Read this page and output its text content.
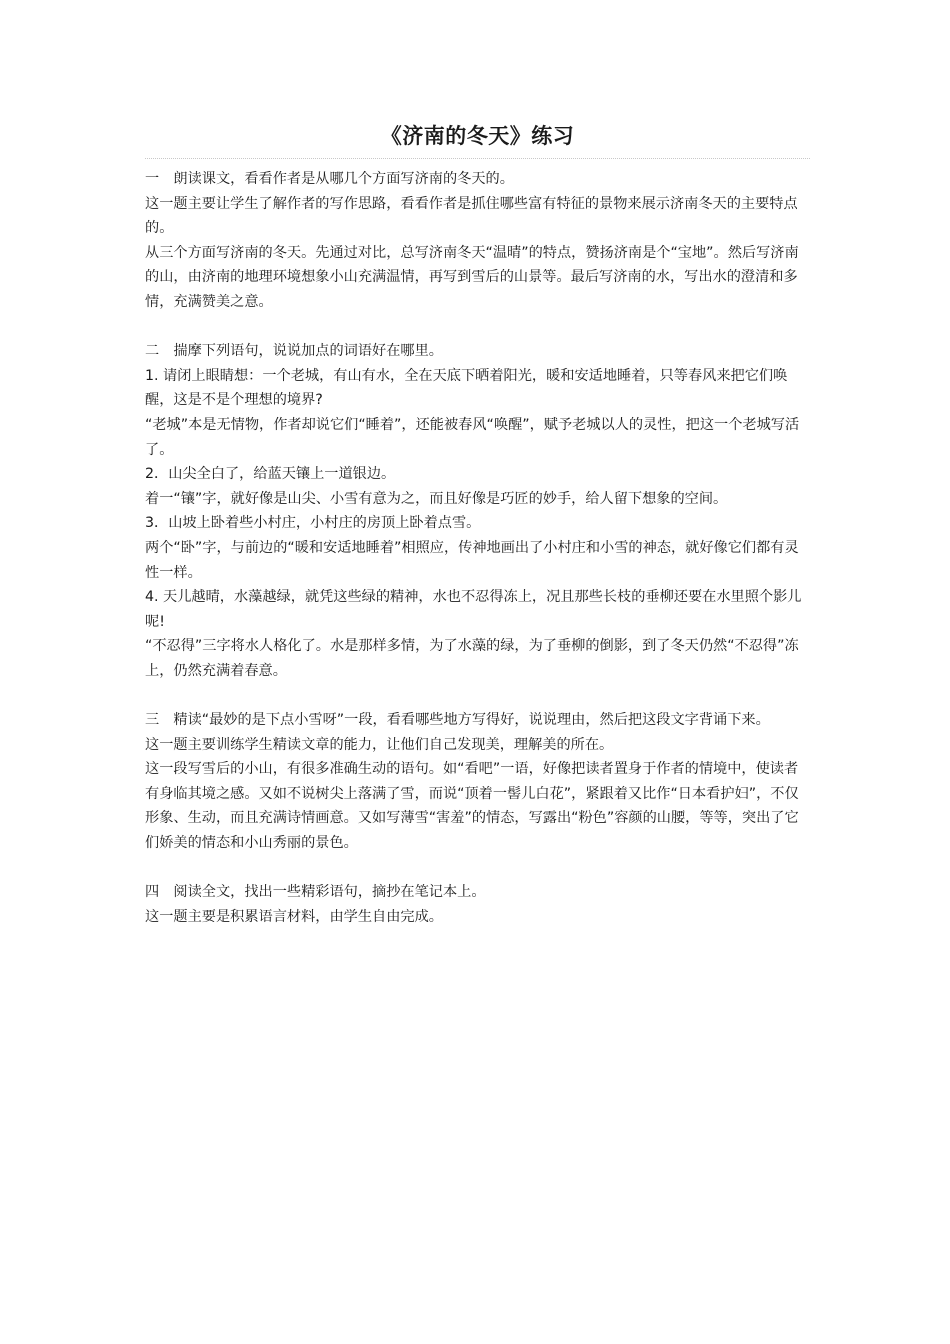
《济南的冬天》练习

一　朗读课文，看看作者是从哪几个方面写济南的冬天的。

这一题主要让学生了解作者的写作思路，看看作者是抓住哪些富有特征的景物来展示济南冬天的主要特点的。

从三个方面写济南的冬天。先通过对比，总写济南冬天“温晴”的特点，赞扬济南是个“宝地”。然后写济南的山，由济南的地理环境想象小山充满温情，再写到雪后的山景等。最后写济南的水，写出水的澄清和多情，充满赞美之意。

二　揣摩下列语句，说说加点的词语好在哪里。

1. 请闭上眼睛想：一个老城，有山有水，全在天底下晒着阳光，暖和安适地睡着，只等春风来把它们唤醒，这是不是个理想的境界?

“老城”本是无情物，作者却说它们“睡着”，还能被春风“唤醒”，赋予老城以人的灵性，把这一个老城写活了。

2．山尖全白了，给蓝天镶上一道银边。

着一“镶”字，就好像是山尖、小雪有意为之，而且好像是巧匠的妙手，给人留下想象的空间。

3．山坡上卧着些小村庄，小村庄的房顶上卧着点雪。

两个“卧”字，与前边的“暖和安适地睡着”相照应，传神地画出了小村庄和小雪的神态，就好像它们都有灵性一样。

4. 天儿越晴，水藻越绿，就凭这些绿的精神，水也不忍得冻上，况且那些长枝的垂柳还要在水里照个影儿呢!

“不忍得”三字将水人格化了。水是那样多情，为了水藻的绿，为了垂柳的倒影，到了冬天仍然“不忍得”冻上，仍然充满着春意。

三　精读“最妙的是下点小雪呀”一段，看看哪些地方写得好，说说理由，然后把这段文字背诵下来。

这一题主要训练学生精读文章的能力，让他们自己发现美，理解美的所在。

这一段写雪后的小山，有很多准确生动的语句。如“看吧”一语，好像把读者置身于作者的情境中，使读者有身临其境之感。又如不说树尖上落满了雪，而说“顶着一髻儿白花”，紧跟着又比作“日本看护妇”，不仅形象、生动，而且充满诗情画意。又如写薄雪“害羞”的情态，写露出“粉色”容颜的山腰，等等，突出了它们娇美的情态和小山秀丽的景色。

四　阅读全文，找出一些精彩语句，摘抄在笔记本上。

这一题主要是积累语言材料，由学生自由完成。
